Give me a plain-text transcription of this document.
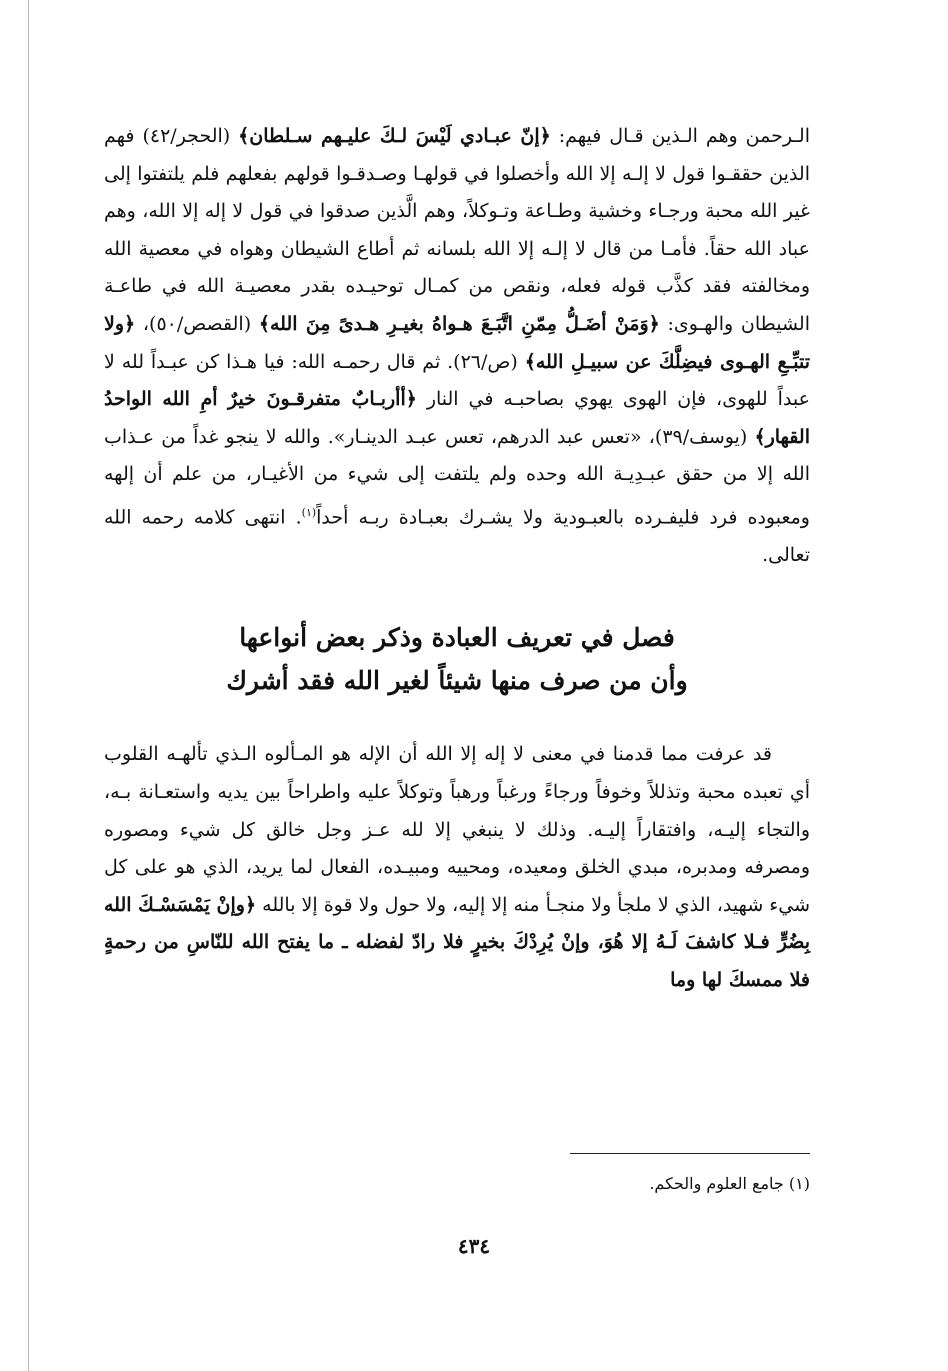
الـرحمن وهم الـذين قـال فيهم: ﴿إنّ عبـادي لَيْسَ لـكَ عليـهم سـلطان﴾ (الحجر/٤٢) فهم الذين حققـوا قول لا إلـه إلا الله وأخصلوا في قولهـا وصـدقـوا قولهم بفعلهم فلم يلتفتوا إلى غير الله محبة ورجـاء وخشية وطـاعة وتـوكلاً، وهم الَّذين صدقوا في قول لا إله إلا الله، وهم عباد الله حقاً. فأمـا من قال لا إلـه إلا الله بلسانه ثم أطاع الشيطان وهواه في معصية الله ومخالفته فقد كذَّب قوله فعله، ونقص من كمـال توحيـده بقدر معصيـة الله في طاعـة الشيطان والهـوى: ﴿وَمَنْ أضَـلُّ مِمّنِ اتَّبَـعَ هـواهُ بغيـرِ هـدىً مِنَ الله﴾ (القصص/٥٠)، ﴿ولا تتبِّـعِ الهـوى فيضِلَّكَ عن سبيـلِ الله﴾ (ص/٢٦). ثم قال رحمـه الله: فيا هـذا كن عبـداً لله لا عبداً للهوى، فإن الهوى يهوي بصاحبـه في النار ﴿أأربـابٌ متفرقـونَ خيرٌ أمِ الله الواحدُ القهار﴾ (يوسف/٣٩)، «تعس عبد الدرهم، تعس عبـد الدينـار». والله لا ينجو غداً من عـذاب الله إلا من حقق عبـدِيـة الله وحده ولم يلتفت إلى شيء من الأغيـار، من علم أن إلهه ومعبوده فرد فليفـرده بالعبـودية ولا يشـرك بعبـادة ربـه أحداً$^{(١)}$. انتهى كلامه رحمه الله تعالى.
فصل في تعريف العبادة وذكر بعض أنواعها
وأن من صرف منها شيئاً لغير الله فقد أشرك
قد عرفت مما قدمنا في معنى لا إله إلا الله أن الإله هو المـألوه الـذي تألهـه القلوب أي تعبده محبة وتذللاً وخوفاً ورجاءً ورغباً ورهباً وتوكلاً عليه واطراحاً بين يديه واستعـانة بـه، والتجاء إليـه، وافتقاراً إليـه. وذلك لا ينبغي إلا لله عـز وجل خالق كل شيء ومصوره ومصرفه ومدبره، مبدي الخلق ومعيده، ومحييه ومبيـده، الفعال لما يريد، الذي هو على كل شيء شهيد، الذي لا ملجأ ولا منجـأ منه إلا إليه، ولا حول ولا قوة إلا بالله ﴿وإنْ يَمْسَسْـكَ الله بِضُرٍّ فـلا كاشفَ لَـهُ إلا هُوَ، وإنْ يُرِدْكَ بخيرٍ فلا رادّ لفضله ـ ما يفتح الله للنّاسِ من رحمةٍ فلا ممسكَ لها وما
(١) جامع العلوم والحكم.
٤٣٤
